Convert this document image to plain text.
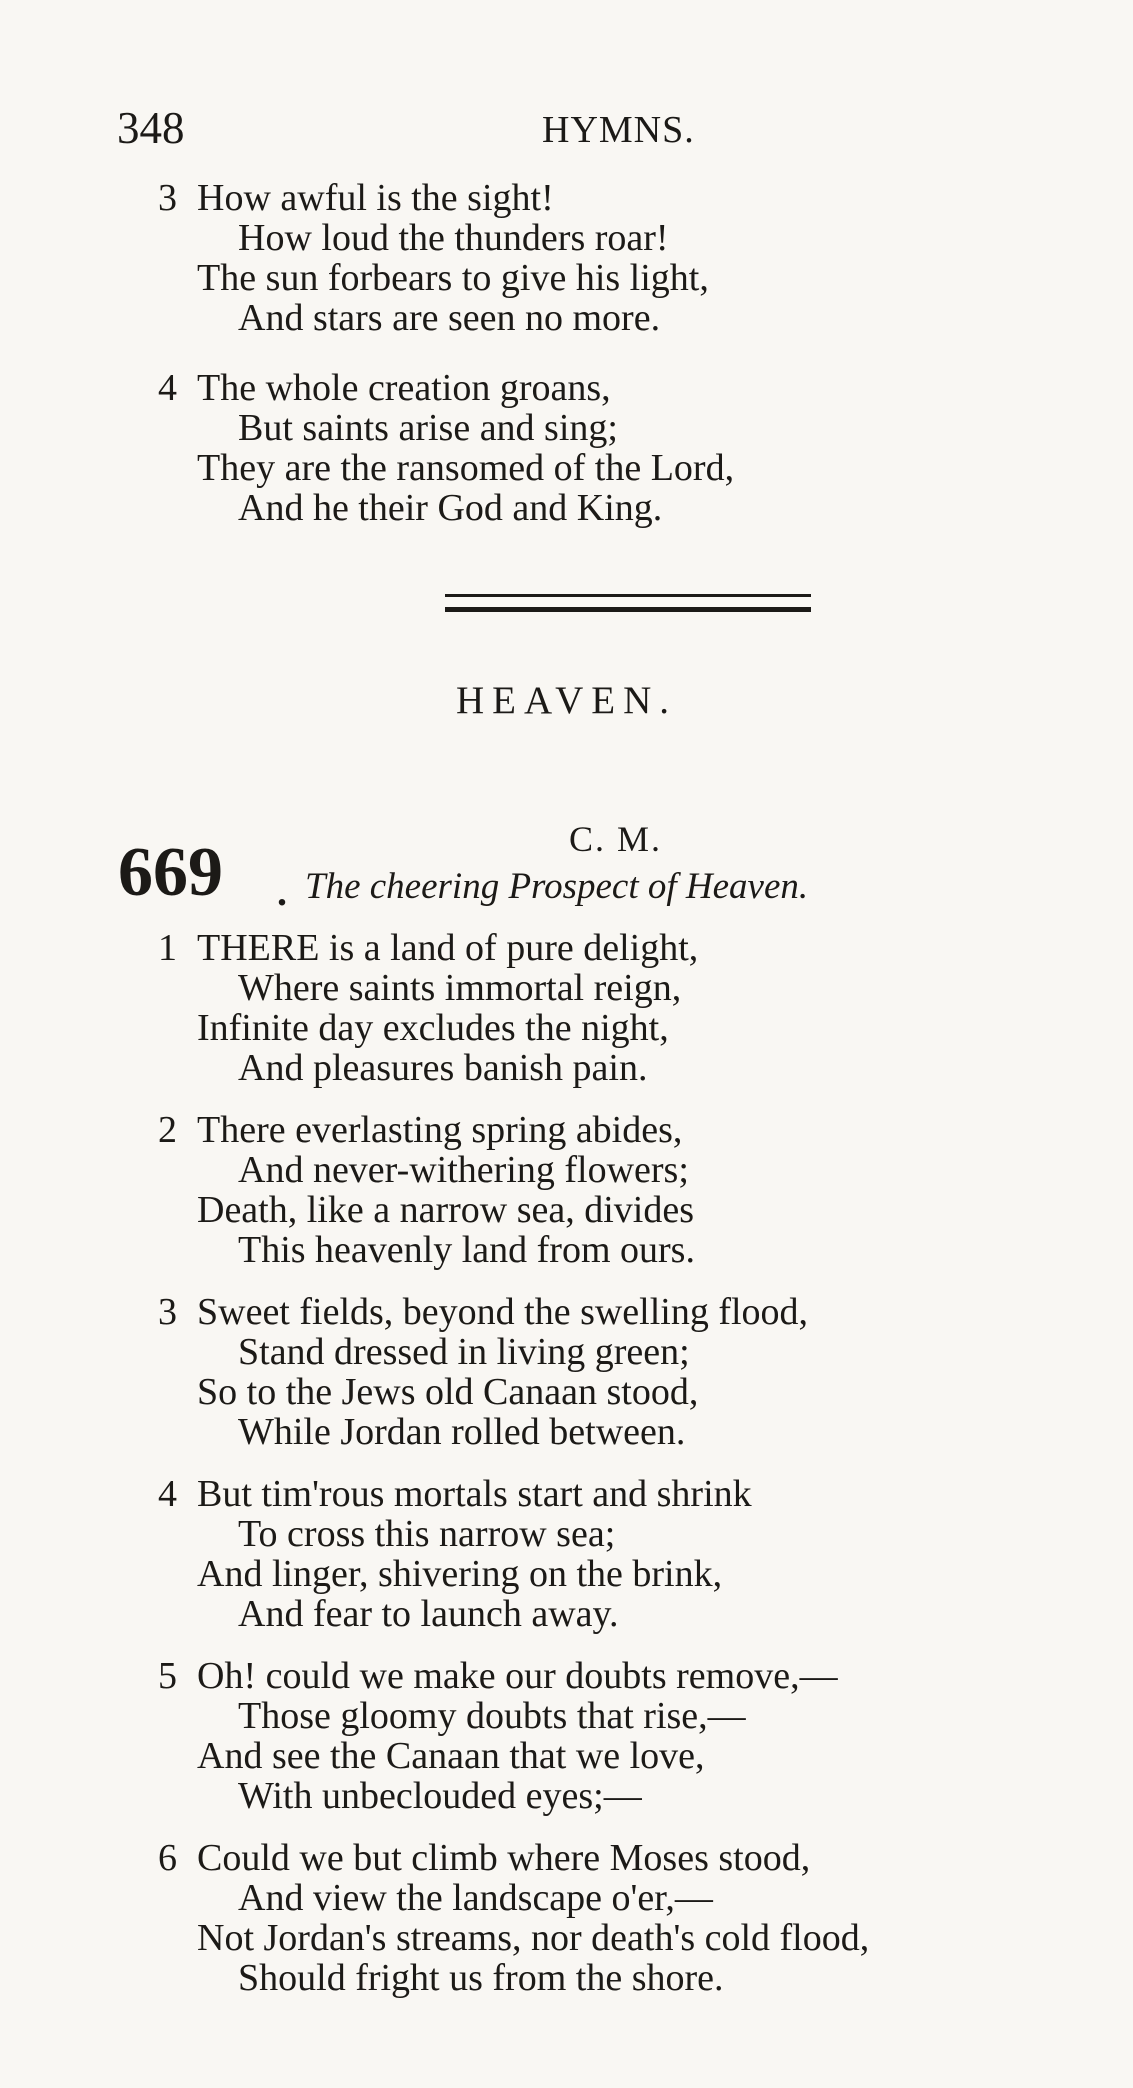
348	HYMNS.
3 How awful is the sight!
How loud the thunders roar!
The sun forbears to give his light,
And stars are seen no more.
4 The whole creation groans,
But saints arise and sing;
They are the ransomed of the Lord,
And he their God and King.
HEAVEN.
C. M.
669 . The cheering Prospect of Heaven.
1 THERE is a land of pure delight,
Where saints immortal reign,
Infinite day excludes the night,
And pleasures banish pain.
2 There everlasting spring abides,
And never-withering flowers;
Death, like a narrow sea, divides
This heavenly land from ours.
3 Sweet fields, beyond the swelling flood,
Stand dressed in living green;
So to the Jews old Canaan stood,
While Jordan rolled between.
4 But tim'rous mortals start and shrink
To cross this narrow sea;
And linger, shivering on the brink,
And fear to launch away.
5 Oh! could we make our doubts remove,—
Those gloomy doubts that rise,—
And see the Canaan that we love,
With unbeclouded eyes;—
6 Could we but climb where Moses stood,
And view the landscape o'er,—
Not Jordan's streams, nor death's cold flood,
Should fright us from the shore.
